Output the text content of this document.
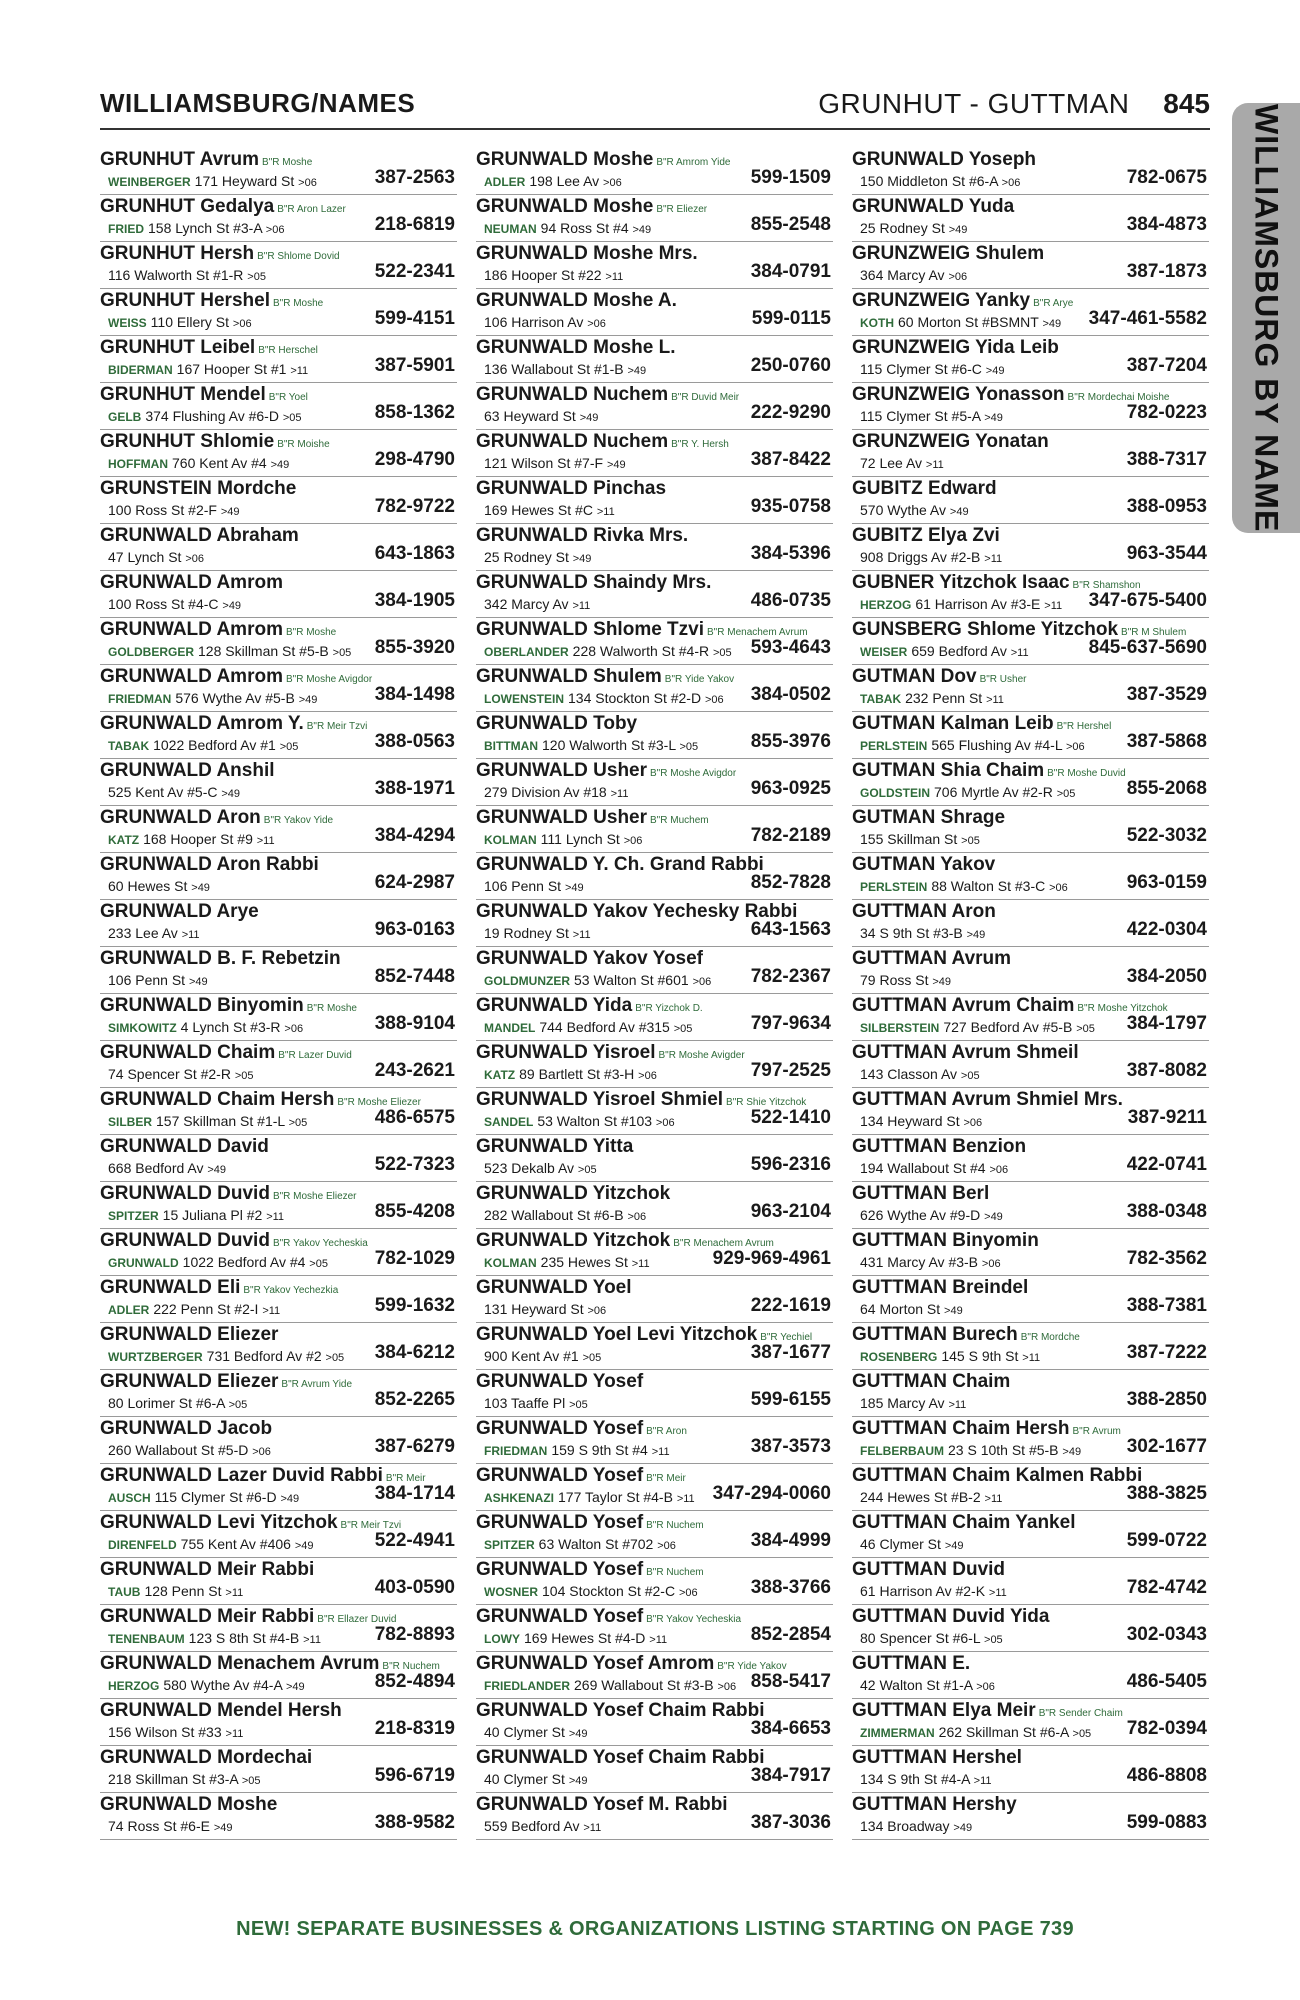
WILLIAMSBURG/NAMES	GRUNHUT - GUTTMAN 845
WILLIAMSBURG BY NAME
GRUNHUT Avrum B"R Moshe
WEINBERGER 171 Heyward St >06	387-2563
GRUNHUT Gedalya B"R Aron Lazer
FRIED 158 Lynch St #3-A >06	218-6819
GRUNHUT Hersh B"R Shlome Dovid
116 Walworth St #1-R >05	522-2341
GRUNHUT Hershel B"R Moshe
WEISS 110 Ellery St >06	599-4151
GRUNHUT Leibel B"R Herschel
BIDERMAN 167 Hooper St #1 >11	387-5901
GRUNHUT Mendel B"R Yoel
GELB 374 Flushing Av #6-D >05	858-1362
GRUNHUT Shlomie B"R Moishe
HOFFMAN 760 Kent Av #4 >49	298-4790
GRUNSTEIN Mordche
100 Ross St #2-F >49	782-9722
GRUNWALD Abraham
47 Lynch St >06	643-1863
GRUNWALD Amrom
100 Ross St #4-C >49	384-1905
GRUNWALD Amrom B"R Moshe
GOLDBERGER 128 Skillman St #5-B >05 855-3920
GRUNWALD Amrom B"R Moshe Avigdor
FRIEDMAN 576 Wythe Av #5-B >49	384-1498
GRUNWALD Amrom Y. B"R Meir Tzvi
TABAK 1022 Bedford Av #1 >05	388-0563
GRUNWALD Anshil
525 Kent Av #5-C >49	388-1971
GRUNWALD Aron B"R Yakov Yide
KATZ 168 Hooper St #9 >11	384-4294
GRUNWALD Aron Rabbi
60 Hewes St >49	624-2987
GRUNWALD Arye
233 Lee Av >11	963-0163
GRUNWALD B. F. Rebetzin
106 Penn St >49	852-7448
GRUNWALD Binyomin B"R Moshe
SIMKOWITZ 4 Lynch St #3-R >06	388-9104
GRUNWALD Chaim B"R Lazer Duvid
74 Spencer St #2-R >05	243-2621
GRUNWALD Chaim Hersh B"R Moshe Eliezer
SILBER 157 Skillman St #1-L >05	486-6575
GRUNWALD David
668 Bedford Av >49	522-7323
GRUNWALD Duvid B"R Moshe Eliezer
SPITZER 15 Juliana Pl #2 >11	855-4208
GRUNWALD Duvid B"R Yakov Yecheskia
GRUNWALD 1022 Bedford Av #4 >05 782-1029
GRUNWALD Eli B"R Yakov Yechezkia
ADLER 222 Penn St #2-I >11	599-1632
GRUNWALD Eliezer
WURTZBERGER 731 Bedford Av #2 >05 384-6212
GRUNWALD Eliezer B"R Avrum Yide
80 Lorimer St #6-A >05	852-2265
GRUNWALD Jacob
260 Wallabout St #5-D >06	387-6279
GRUNWALD Lazer Duvid Rabbi B"R Meir
AUSCH 115 Clymer St #6-D >49	384-1714
GRUNWALD Levi Yitzchok B"R Meir Tzvi
DIRENFELD 755 Kent Av #406 >49	522-4941
GRUNWALD Meir Rabbi
TAUB 128 Penn St >11	403-0590
GRUNWALD Meir Rabbi B"R Ellazer Duvid
TENENBAUM 123 S 8th St #4-B >11	782-8893
GRUNWALD Menachem Avrum B"R Nuchem
HERZOG 580 Wythe Av #4-A >49	852-4894
GRUNWALD Mendel Hersh
156 Wilson St #33 >11	218-8319
GRUNWALD Mordechai
218 Skillman St #3-A >05	596-6719
GRUNWALD Moshe
74 Ross St #6-E >49	388-9582
GRUNWALD Moshe B"R Amrom Yide
ADLER 198 Lee Av >06	599-1509
GRUNWALD Moshe B"R Eliezer
NEUMAN 94 Ross St #4 >49	855-2548
GRUNWALD Moshe Mrs.
186 Hooper St #22 >11	384-0791
GRUNWALD Moshe A.
106 Harrison Av >06	599-0115
GRUNWALD Moshe L.
136 Wallabout St #1-B >49	250-0760
GRUNWALD Nuchem B"R Duvid Meir
63 Heyward St >49	222-9290
GRUNWALD Nuchem B"R Y. Hersh
121 Wilson St #7-F >49	387-8422
GRUNWALD Pinchas
169 Hewes St #C >11	935-0758
GRUNWALD Rivka Mrs.
25 Rodney St >49	384-5396
GRUNWALD Shaindy Mrs.
342 Marcy Av >11	486-0735
GRUNWALD Shlome Tzvi B"R Menachem Avrum
OBERLANDER 228 Walworth St #4-R >05 593-4643
GRUNWALD Shulem B"R Yide Yakov
LOWENSTEIN 134 Stockton St #2-D >06 384-0502
GRUNWALD Toby
BITTMAN 120 Walworth St #3-L >05	855-3976
GRUNWALD Usher B"R Moshe Avigdor
279 Division Av #18 >11	963-0925
GRUNWALD Usher B"R Muchem
KOLMAN 111 Lynch St >06	782-2189
GRUNWALD Y. Ch. Grand Rabbi
106 Penn St >49	852-7828
GRUNWALD Yakov Yechesky Rabbi
19 Rodney St >11	643-1563
GRUNWALD Yakov Yosef
GOLDMUNZER 53 Walton St #601 >06 782-2367
GRUNWALD Yida B"R Yizchok D.
MANDEL 744 Bedford Av #315 >05	797-9634
GRUNWALD Yisroel B"R Moshe Avigder
KATZ 89 Bartlett St #3-H >06	797-2525
GRUNWALD Yisroel Shmiel B"R Shie Yitzchok
SANDEL 53 Walton St #103 >06	522-1410
GRUNWALD Yitta
523 Dekalb Av >05	596-2316
GRUNWALD Yitzchok
282 Wallabout St #6-B >06	963-2104
GRUNWALD Yitzchok B"R Menachem Avrum
KOLMAN 235 Hewes St >11	929-969-4961
GRUNWALD Yoel
131 Heyward St >06	222-1619
GRUNWALD Yoel Levi Yitzchok B"R Yechiel
900 Kent Av #1 >05	387-1677
GRUNWALD Yosef
103 Taaffe Pl >05	599-6155
GRUNWALD Yosef B"R Aron
FRIEDMAN 159 S 9th St #4 >11	387-3573
GRUNWALD Yosef B"R Meir
ASHKENAZI 177 Taylor St #4-B >11 347-294-0060
GRUNWALD Yosef B"R Nuchem
SPITZER 63 Walton St #702 >06	384-4999
GRUNWALD Yosef B"R Nuchem
WOSNER 104 Stockton St #2-C >06	388-3766
GRUNWALD Yosef B"R Yakov Yecheskia
LOWY 169 Hewes St #4-D >11	852-2854
GRUNWALD Yosef Amrom B"R Yide Yakov
FRIEDLANDER 269 Wallabout St #3-B >06 858-5417
GRUNWALD Yosef Chaim Rabbi
40 Clymer St >49	384-6653
GRUNWALD Yosef Chaim Rabbi
40 Clymer St >49	384-7917
GRUNWALD Yosef M. Rabbi
559 Bedford Av >11	387-3036
GRUNWALD Yoseph
150 Middleton St #6-A >06	782-0675
GRUNWALD Yuda
25 Rodney St >49	384-4873
GRUNZWEIG Shulem
364 Marcy Av >06	387-1873
GRUNZWEIG Yanky B"R Arye
KOTH 60 Morton St #BSMNT >49 347-461-5582
GRUNZWEIG Yida Leib
115 Clymer St #6-C >49	387-7204
GRUNZWEIG Yonasson B"R Mordechai Moishe
115 Clymer St #5-A >49	782-0223
GRUNZWEIG Yonatan
72 Lee Av >11	388-7317
GUBITZ Edward
570 Wythe Av >49	388-0953
GUBITZ Elya Zvi
908 Driggs Av #2-B >11	963-3544
GUBNER Yitzchok Isaac B"R Shamshon
HERZOG 61 Harrison Av #3-E >11 347-675-5400
GUNSBERG Shlome Yitzchok B"R M Shulem
WEISER 659 Bedford Av >11	845-637-5690
GUTMAN Dov B"R Usher
TABAK 232 Penn St >11	387-3529
GUTMAN Kalman Leib B"R Hershel
PERLSTEIN 565 Flushing Av #4-L >06 387-5868
GUTMAN Shia Chaim B"R Moshe Duvid
GOLDSTEIN 706 Myrtle Av #2-R >05	855-2068
GUTMAN Shrage
155 Skillman St >05	522-3032
GUTMAN Yakov
PERLSTEIN 88 Walton St #3-C >06	963-0159
GUTTMAN Aron
34 S 9th St #3-B >49	422-0304
GUTTMAN Avrum
79 Ross St >49	384-2050
GUTTMAN Avrum Chaim B"R Moshe Yitzchok
SILBERSTEIN 727 Bedford Av #5-B >05 384-1797
GUTTMAN Avrum Shmeil
143 Classon Av >05	387-8082
GUTTMAN Avrum Shmiel Mrs.
134 Heyward St >06	387-9211
GUTTMAN Benzion
194 Wallabout St #4 >06	422-0741
GUTTMAN Berl
626 Wythe Av #9-D >49	388-0348
GUTTMAN Binyomin
431 Marcy Av #3-B >06	782-3562
GUTTMAN Breindel
64 Morton St >49	388-7381
GUTTMAN Burech B"R Mordche
ROSENBERG 145 S 9th St >11	387-7222
GUTTMAN Chaim
185 Marcy Av >11	388-2850
GUTTMAN Chaim Hersh B"R Avrum
FELBERBAUM 23 S 10th St #5-B >49 302-1677
GUTTMAN Chaim Kalmen Rabbi
244 Hewes St #B-2 >11	388-3825
GUTTMAN Chaim Yankel
46 Clymer St >49	599-0722
GUTTMAN Duvid
61 Harrison Av #2-K >11	782-4742
GUTTMAN Duvid Yida
80 Spencer St #6-L >05	302-0343
GUTTMAN E.
42 Walton St #1-A >06	486-5405
GUTTMAN Elya Meir B"R Sender Chaim
ZIMMERMAN 262 Skillman St #6-A >05 782-0394
GUTTMAN Hershel
134 S 9th St #4-A >11	486-8808
GUTTMAN Hershy
134 Broadway >49	599-0883
NEW! SEPARATE BUSINESSES & ORGANIZATIONS LISTING STARTING ON PAGE 739
